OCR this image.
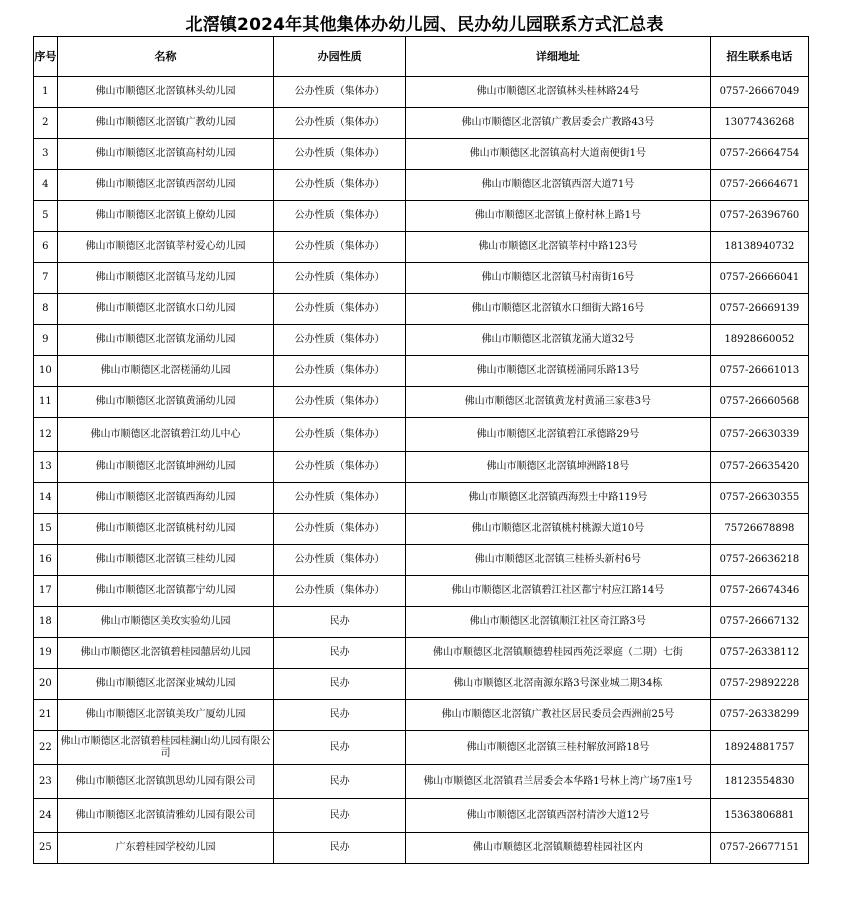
北滘镇2024年其他集体办幼儿园、民办幼儿园联系方式汇总表
序号	名称	办园性质	详细地址	招生联系电话
1	佛山市顺德区北滘镇林头幼儿园	公办性质（集体办）	佛山市顺德区北滘镇林头桂林路24号	0757-26667049
2	佛山市顺德区北滘镇广教幼儿园	公办性质（集体办）	佛山市顺德区北滘镇广教居委会广教路43号	13077436268
3	佛山市顺德区北滘镇高村幼儿园	公办性质（集体办）	佛山市顺德区北滘镇高村大道南便街1号	0757-26664754
4	佛山市顺德区北滘镇西滘幼儿园	公办性质（集体办）	佛山市顺德区北滘镇西滘大道71号	0757-26664671
5	佛山市顺德区北滘镇上僚幼儿园	公办性质（集体办）	佛山市顺德区北滘镇上僚村林上路1号	0757-26396760
6	佛山市顺德区北滘镇莘村爱心幼儿园	公办性质（集体办）	佛山市顺德区北滘镇莘村中路123号	18138940732
7	佛山市顺德区北滘镇马龙幼儿园	公办性质（集体办）	佛山市顺德区北滘镇马村南街16号	0757-26666041
8	佛山市顺德区北滘镇水口幼儿园	公办性质（集体办）	佛山市顺德区北滘镇水口细街大路16号	0757-26669139
9	佛山市顺德区北滘镇龙涌幼儿园	公办性质（集体办）	佛山市顺德区北滘镇龙涌大道32号	18928660052
10	佛山市顺德区北滘槎涌幼儿园	公办性质（集体办）	佛山市顺德区北滘镇槎涌同乐路13号	0757-26661013
11	佛山市顺德区北滘镇黄涌幼儿园	公办性质（集体办）	佛山市顺德区北滘镇黄龙村黄涌三家巷3号	0757-26660568
12	佛山市顺德区北滘镇碧江幼儿中心	公办性质（集体办）	佛山市顺德区北滘镇碧江承德路29号	0757-26630339
13	佛山市顺德区北滘镇坤洲幼儿园	公办性质（集体办）	佛山市顺德区北滘镇坤洲路18号	0757-26635420
14	佛山市顺德区北滘镇西海幼儿园	公办性质（集体办）	佛山市顺德区北滘镇西海烈士中路119号	0757-26630355
15	佛山市顺德区北滘镇桃村幼儿园	公办性质（集体办）	佛山市顺德区北滘镇桃村桃源大道10号	75726678898
16	佛山市顺德区北滘镇三桂幼儿园	公办性质（集体办）	佛山市顺德区北滘镇三桂桥头新村6号	0757-26636218
17	佛山市顺德区北滘镇都宁幼儿园	公办性质（集体办）	佛山市顺德区北滘镇碧江社区都宁村应江路14号	0757-26674346
18	佛山市顺德区美玫实验幼儿园	民办	佛山市顺德区北滘镇顺江社区奇江路3号	0757-26667132
19	佛山市顺德区北滘镇碧桂园囍居幼儿园	民办	佛山市顺德区北滘镇顺德碧桂园西苑泛翠庭（二期）七街	0757-26338112
20	佛山市顺德区北滘深业城幼儿园	民办	佛山市顺德区北滘南源东路3号深业城二期34栋	0757-29892228
21	佛山市顺德区北滘镇美玫广厦幼儿园	民办	佛山市顺德区北滘镇广教社区居民委员会西洲前25号	0757-26338299
22	佛山市顺德区北滘镇碧桂园桂澜山幼儿园有限公司	民办	佛山市顺德区北滘镇三桂村解放河路18号	18924881757
23	佛山市顺德区北滘镇凯思幼儿园有限公司	民办	佛山市顺德区北滘镇君兰居委会本华路1号林上湾广场7座1号	18123554830
24	佛山市顺德区北滘镇清雅幼儿园有限公司	民办	佛山市顺德区北滘镇西滘村清沙大道12号	15363806881
25	广东碧桂园学校幼儿园	民办	佛山市顺德区北滘镇顺德碧桂园社区内	0757-26677151
